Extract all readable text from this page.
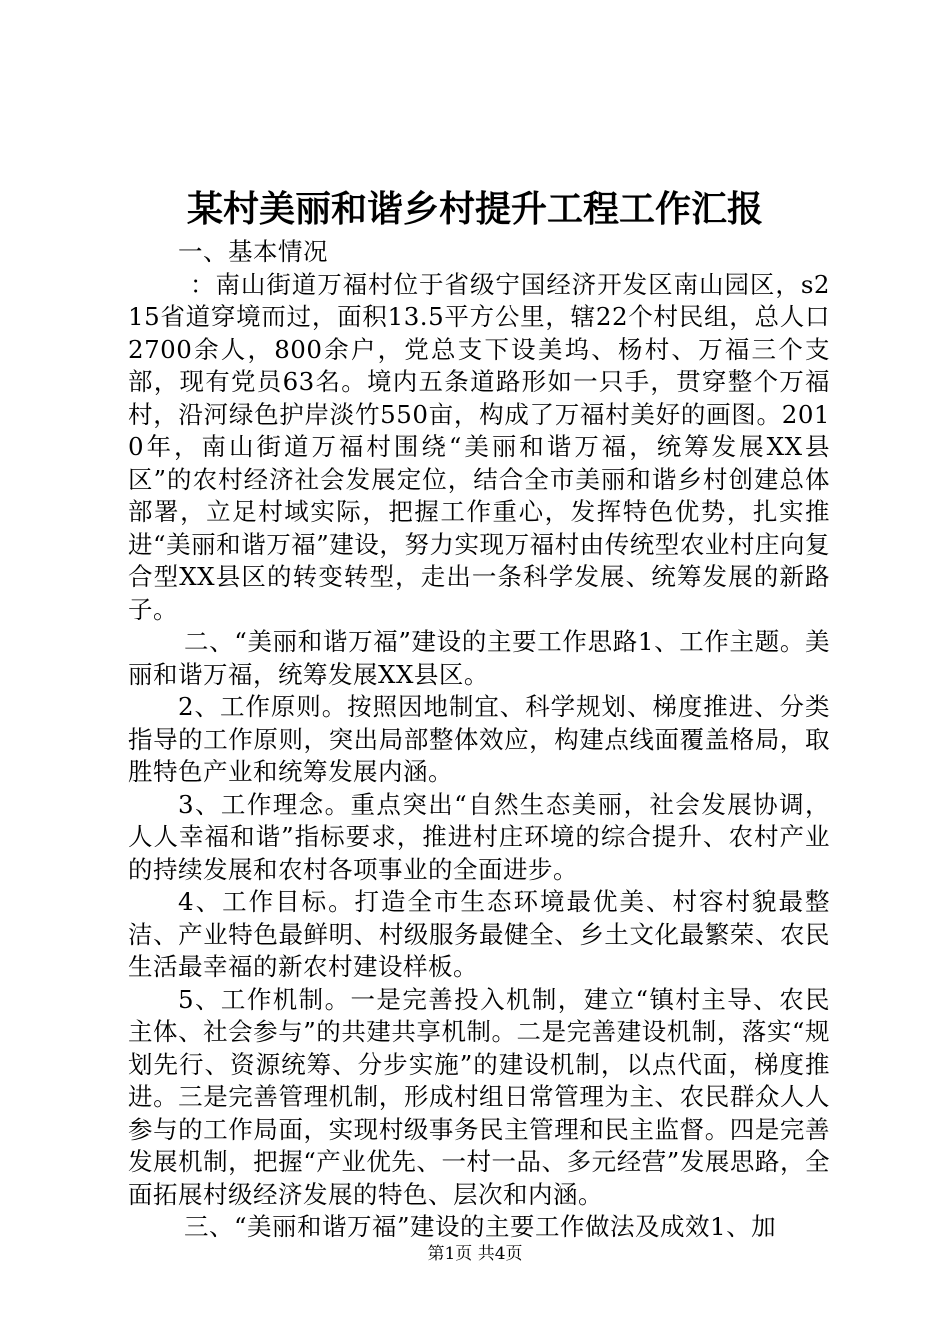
某村美丽和谐乡村提升工程工作汇报

一、基本情况

：南山街道万福村位于省级宁国经济开发区南山园区，s215省道穿境而过，面积13.5平方公里，辖22个村民组，总人口2700余人，800余户，党总支下设美坞、杨村、万福三个支部，现有党员63名。境内五条道路形如一只手，贯穿整个万福村，沿河绿色护岸淡竹550亩，构成了万福村美好的画图。2010年，南山街道万福村围绕“美丽和谐万福，统筹发展XX县区”的农村经济社会发展定位，结合全市美丽和谐乡村创建总体部署，立足村域实际，把握工作重心，发挥特色优势，扎实推进“美丽和谐万福”建设，努力实现万福村由传统型农业村庄向复合型XX县区的转变转型，走出一条科学发展、统筹发展的新路子。

二、“美丽和谐万福”建设的主要工作思路1、工作主题。美丽和谐万福，统筹发展XX县区。

2、工作原则。按照因地制宜、科学规划、梯度推进、分类指导的工作原则，突出局部整体效应，构建点线面覆盖格局，取胜特色产业和统筹发展内涵。

3、工作理念。重点突出“自然生态美丽，社会发展协调，人人幸福和谐”指标要求，推进村庄环境的综合提升、农村产业的持续发展和农村各项事业的全面进步。

4、工作目标。打造全市生态环境最优美、村容村貌最整洁、产业特色最鲜明、村级服务最健全、乡土文化最繁荣、农民生活最幸福的新农村建设样板。

5、工作机制。一是完善投入机制，建立“镇村主导、农民主体、社会参与”的共建共享机制。二是完善建设机制，落实“规划先行、资源统筹、分步实施”的建设机制，以点代面，梯度推进。三是完善管理机制，形成村组日常管理为主、农民群众人人参与的工作局面，实现村级事务民主管理和民主监督。四是完善发展机制，把握“产业优先、一村一品、多元经营”发展思路，全面拓展村级经济发展的特色、层次和内涵。

三、“美丽和谐万福”建设的主要工作做法及成效1、加

第1页 共4页
